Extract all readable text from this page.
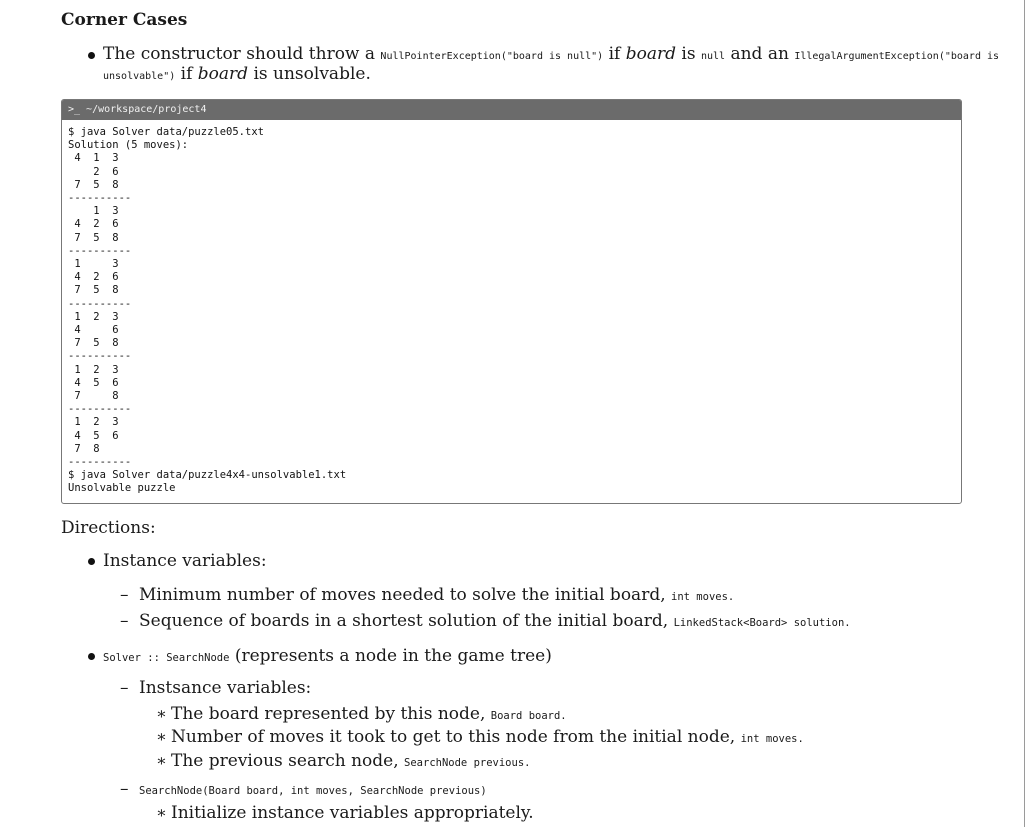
Corner Cases
The constructor should throw a NullPointerException("board is null") if board is null and an IllegalArgumentException("board is
unsolvable") if board is unsolvable.
>_ ~/workspace/project4
$ java Solver data/puzzle05.txt
Solution (5 moves):
4  1  3
2  6
7  5  8
----------
1  3
4  2  6
7  5  8
----------
1     3
4  2  6
7  5  8
----------
1  2  3
4     6
7  5  8
----------
1  2  3
4  5  6
7     8
----------
1  2  3
4  5  6
7  8
----------
$ java Solver data/puzzle4x4-unsolvable1.txt
Unsolvable puzzle
Directions:
Instance variables:
– Minimum number of moves needed to solve the initial board, int moves.
– Sequence of boards in a shortest solution of the initial board, LinkedStack<Board> solution.
Solver :: SearchNode (represents a node in the game tree)
– Instsance variables:
∗ The board represented by this node, Board board.
∗ Number of moves it took to get to this node from the initial node, int moves.
∗ The previous search node, SearchNode previous.
– SearchNode(Board board, int moves, SearchNode previous)
∗ Initialize instance variables appropriately.
